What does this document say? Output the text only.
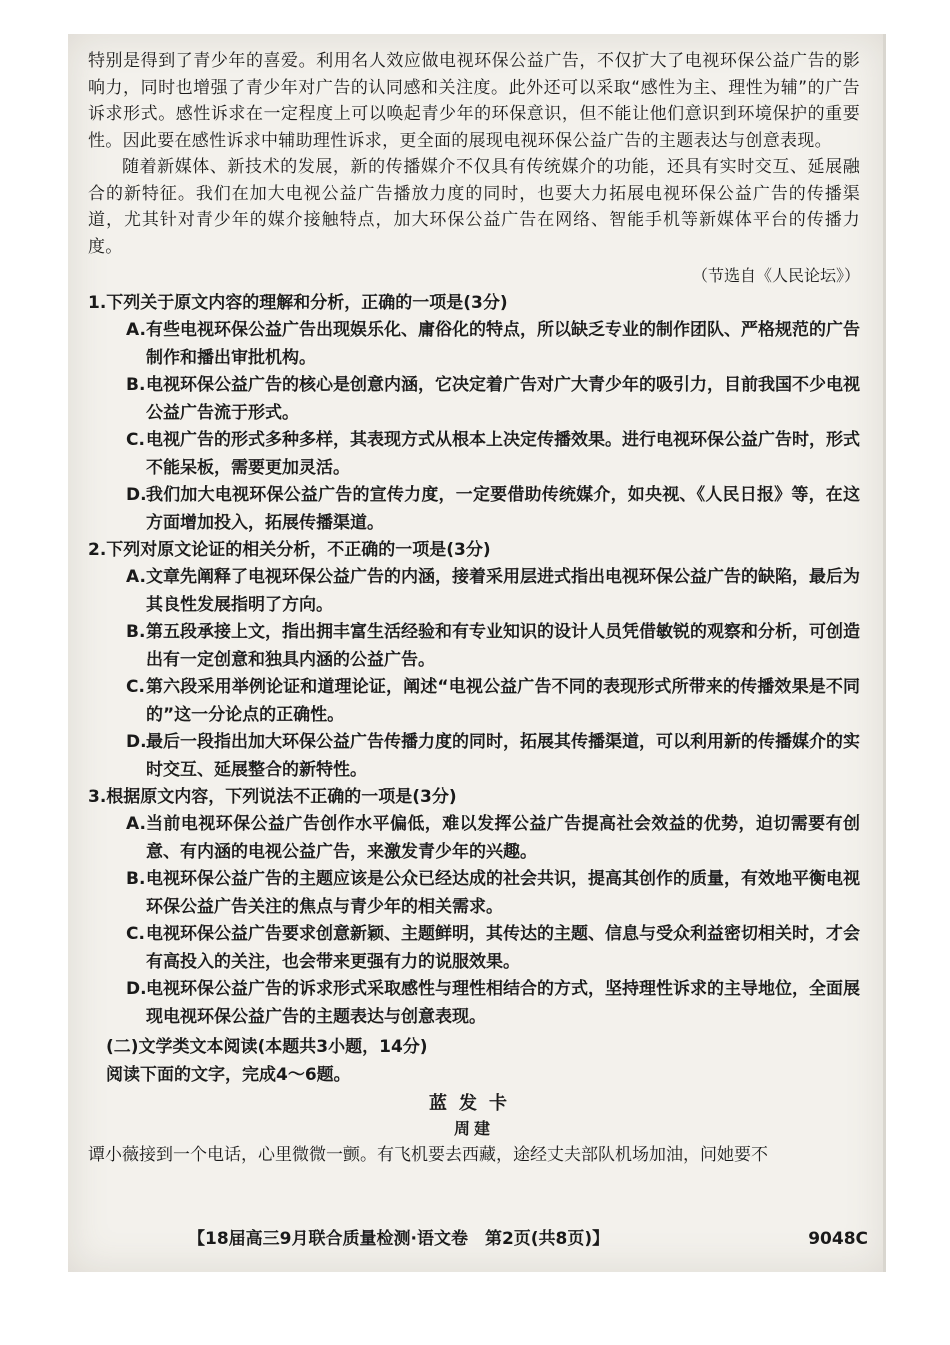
特别是得到了青少年的喜爱。利用名人效应做电视环保公益广告，不仅扩大了电视环保公益广告的影响力，同时也增强了青少年对广告的认同感和关注度。此外还可以采取“感性为主、理性为辅”的广告诉求形式。感性诉求在一定程度上可以唤起青少年的环保意识，但不能让他们意识到环境保护的重要性。因此要在感性诉求中辅助理性诉求，更全面的展现电视环保公益广告的主题表达与创意表现。

随着新媒体、新技术的发展，新的传播媒介不仅具有传统媒介的功能，还具有实时交互、延展融合的新特征。我们在加大电视公益广告播放力度的同时，也要大力拓展电视环保公益广告的传播渠道，尤其针对青少年的媒介接触特点，加大环保公益广告在网络、智能手机等新媒体平台的传播力度。

（节选自《人民论坛》）

1.下列关于原文内容的理解和分析，正确的一项是(3分)
A. 有些电视环保公益广告出现娱乐化、庸俗化的特点，所以缺乏专业的制作团队、严格规范的广告制作和播出审批机构。
B. 电视环保公益广告的核心是创意内涵，它决定着广告对广大青少年的吸引力，目前我国不少电视公益广告流于形式。
C. 电视广告的形式多种多样，其表现方式从根本上决定传播效果。进行电视环保公益广告时，形式不能呆板，需要更加灵活。
D. 我们加大电视环保公益广告的宣传力度，一定要借助传统媒介，如央视、《人民日报》等，在这方面增加投入，拓展传播渠道。
2.下列对原文论证的相关分析，不正确的一项是(3分)
A. 文章先阐释了电视环保公益广告的内涵，接着采用层进式指出电视环保公益广告的缺陷，最后为其良性发展指明了方向。
B. 第五段承接上文，指出拥丰富生活经验和有专业知识的设计人员凭借敏锐的观察和分析，可创造出有一定创意和独具内涵的公益广告。
C. 第六段采用举例论证和道理论证，阐述“电视公益广告不同的表现形式所带来的传播效果是不同的”这一分论点的正确性。
D. 最后一段指出加大环保公益广告传播力度的同时，拓展其传播渠道，可以利用新的传播媒介的实时交互、延展整合的新特性。
3.根据原文内容，下列说法不正确的一项是(3分)
A. 当前电视环保公益广告创作水平偏低，难以发挥公益广告提高社会效益的优势，迫切需要有创意、有内涵的电视公益广告，来激发青少年的兴趣。
B. 电视环保公益广告的主题应该是公众已经达成的社会共识，提高其创作的质量，有效地平衡电视环保公益广告关注的焦点与青少年的相关需求。
C. 电视环保公益广告要求创意新颖、主题鲜明，其传达的主题、信息与受众利益密切相关时，才会有高投入的关注，也会带来更强有力的说服效果。
D. 电视环保公益广告的诉求形式采取感性与理性相结合的方式，坚持理性诉求的主导地位，全面展现电视环保公益广告的主题表达与创意表现。
(二)文学类文本阅读(本题共3小题，14分)
阅读下面的文字，完成4～6题。
蓝发卡
周建
谭小薇接到一个电话，心里微微一颤。有飞机要去西藏，途经丈夫部队机场加油，问她要不
【18届高三9月联合质量检测·语文卷　第2页(共8页)】	9048C
